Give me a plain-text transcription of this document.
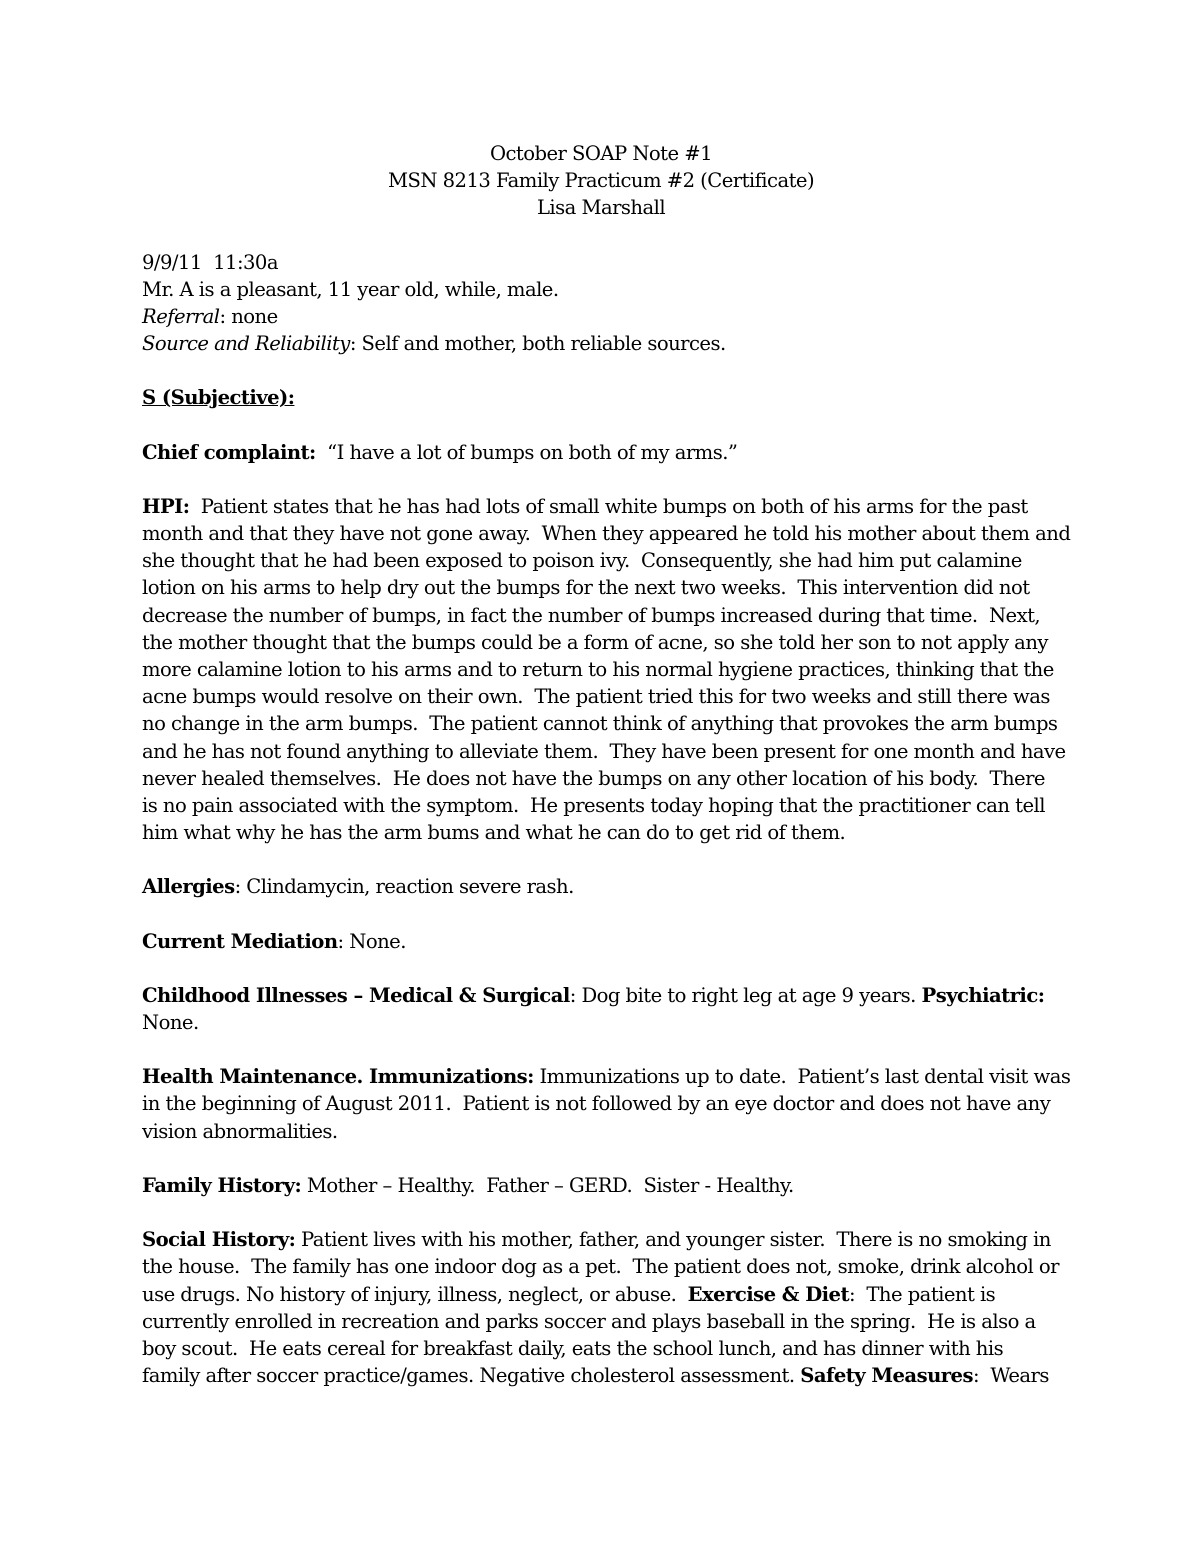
October SOAP Note #1
MSN 8213 Family Practicum #2 (Certificate)
Lisa Marshall
9/9/11  11:30a
Mr. A is a pleasant, 11 year old, while, male.
Referral: none
Source and Reliability: Self and mother, both reliable sources.
S (Subjective):
Chief complaint:  “I have a lot of bumps on both of my arms.”
HPI:  Patient states that he has had lots of small white bumps on both of his arms for the past
month and that they have not gone away.  When they appeared he told his mother about them and
she thought that he had been exposed to poison ivy.  Consequently, she had him put calamine
lotion on his arms to help dry out the bumps for the next two weeks.  This intervention did not
decrease the number of bumps, in fact the number of bumps increased during that time.  Next,
the mother thought that the bumps could be a form of acne, so she told her son to not apply any
more calamine lotion to his arms and to return to his normal hygiene practices, thinking that the
acne bumps would resolve on their own.  The patient tried this for two weeks and still there was
no change in the arm bumps.  The patient cannot think of anything that provokes the arm bumps
and he has not found anything to alleviate them.  They have been present for one month and have
never healed themselves.  He does not have the bumps on any other location of his body.  There
is no pain associated with the symptom.  He presents today hoping that the practitioner can tell
him what why he has the arm bums and what he can do to get rid of them.
Allergies: Clindamycin, reaction severe rash.
Current Mediation: None.
Childhood Illnesses – Medical & Surgical: Dog bite to right leg at age 9 years. Psychiatric:
None.
Health Maintenance. Immunizations: Immunizations up to date.  Patient’s last dental visit was
in the beginning of August 2011.  Patient is not followed by an eye doctor and does not have any
vision abnormalities.
Family History: Mother – Healthy.  Father – GERD.  Sister - Healthy.
Social History: Patient lives with his mother, father, and younger sister.  There is no smoking in
the house.  The family has one indoor dog as a pet.  The patient does not, smoke, drink alcohol or
use drugs. No history of injury, illness, neglect, or abuse.  Exercise & Diet:  The patient is
currently enrolled in recreation and parks soccer and plays baseball in the spring.  He is also a
boy scout.  He eats cereal for breakfast daily, eats the school lunch, and has dinner with his
family after soccer practice/games. Negative cholesterol assessment. Safety Measures:  Wears
